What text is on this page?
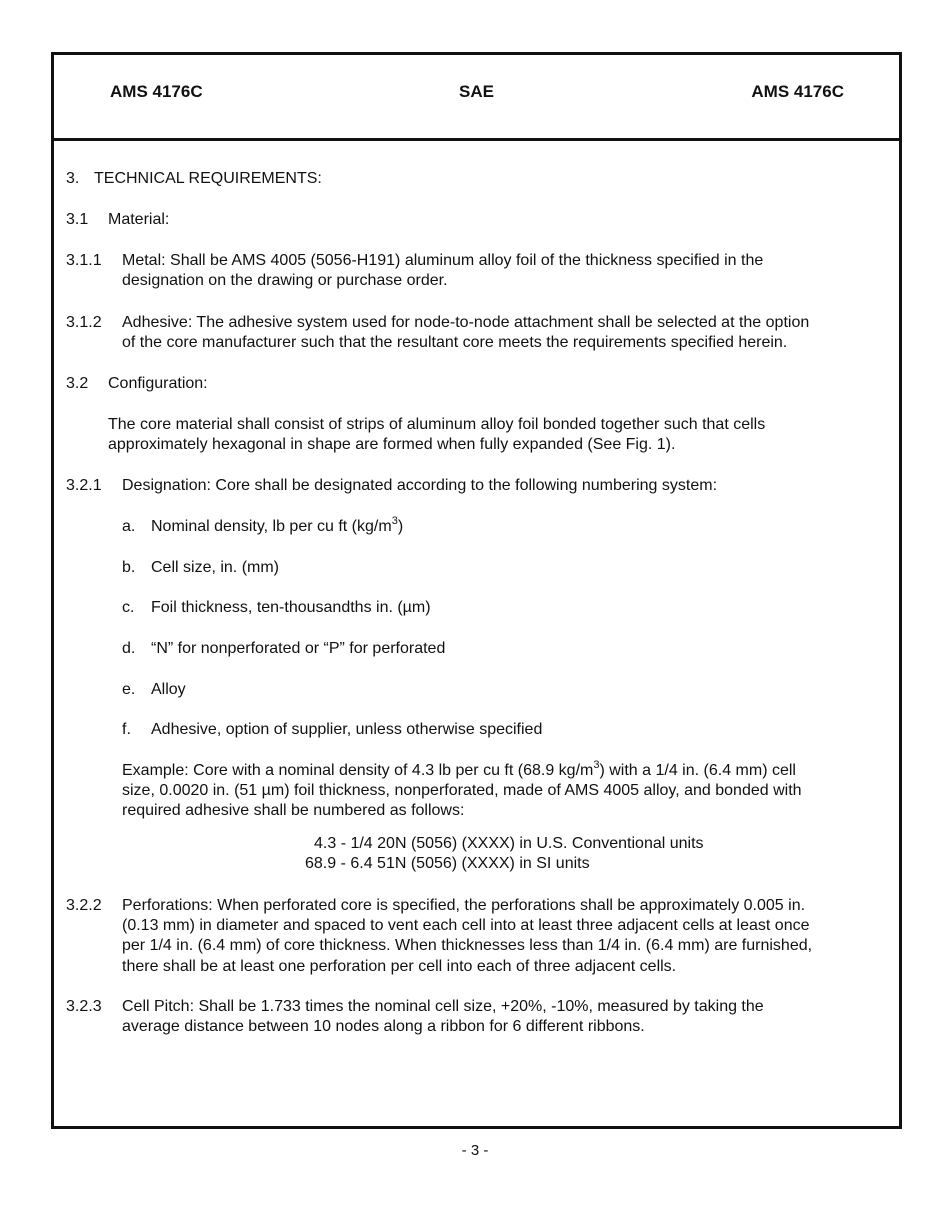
AMS 4176C	SAE	AMS 4176C
3. TECHNICAL REQUIREMENTS:
3.1 Material:
3.1.1 Metal: Shall be AMS 4005 (5056-H191) aluminum alloy foil of the thickness specified in the
designation on the drawing or purchase order.
3.1.2 Adhesive: The adhesive system used for node-to-node attachment shall be selected at the option
of the core manufacturer such that the resultant core meets the requirements specified herein.
3.2 Configuration:
The core material shall consist of strips of aluminum alloy foil bonded together such that cells
approximately hexagonal in shape are formed when fully expanded (See Fig. 1).
3.2.1 Designation: Core shall be designated according to the following numbering system:
a. Nominal density, lb per cu ft $(kg/m^3)$
b. Cell size, in. (mm)
c. Foil thickness, ten-thousandths in. (µm)
d. “N” for nonperforated or “P” for perforated
e. Alloy
f. Adhesive, option of supplier, unless otherwise specified
Example: Core with a nominal density of 4.3 lb per cu ft (68.9 $kg/m^3$) with a 1/4 in. (6.4 mm) cell
size, 0.0020 in. (51 µm) foil thickness, nonperforated, made of AMS 4005 alloy, and bonded with
required adhesive shall be numbered as follows:
4.3 - 1/4 20N (5056) (XXXX) in U.S. Conventional units
68.9 - 6.4 51N (5056) (XXXX) in SI units
3.2.2 Perforations: When perforated core is specified, the perforations shall be approximately 0.005 in.
(0.13 mm) in diameter and spaced to vent each cell into at least three adjacent cells at least once
per 1/4 in. (6.4 mm) of core thickness. When thicknesses less than 1/4 in. (6.4 mm) are furnished,
there shall be at least one perforation per cell into each of three adjacent cells.
3.2.3 Cell Pitch: Shall be 1.733 times the nominal cell size, +20%, -10%, measured by taking the
average distance between 10 nodes along a ribbon for 6 different ribbons.
- 3 -
